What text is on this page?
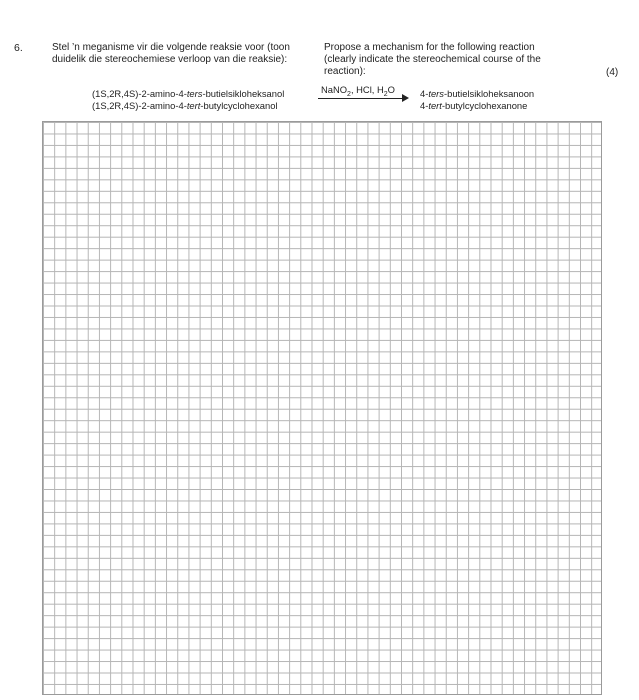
6.	Stel ’n meganisme vir die volgende reaksie voor (toon
duidelik die stereochemiese verloop van die reaksie):
Propose a mechanism for the following reaction
(clearly indicate the stereochemical course of the
reaction):	(4)
(1S,2R,4S)-2-amino-4-ters-butielsikloheksanol
(1S,2R,4S)-2-amino-4-tert-butylcyclohexanol
NaNO$_2$, HCl, $H_2O$	4-ters-butielsikloheksanoon
4-tert-butylcyclohexanone
